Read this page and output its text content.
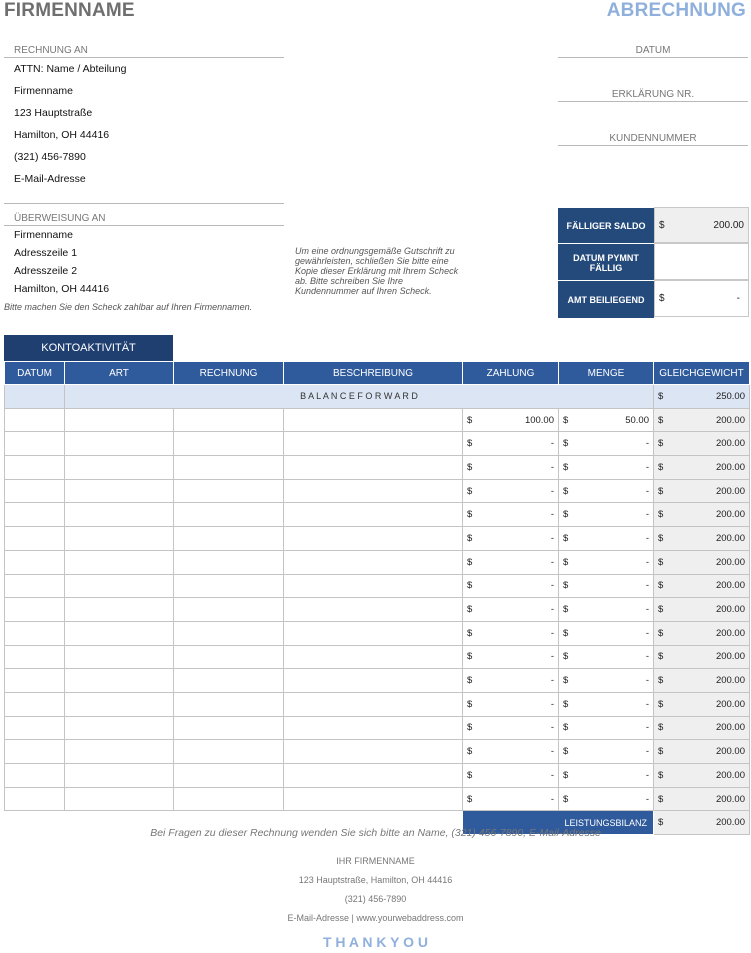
FIRMENNAME	ABRECHNUNG
RECHNUNG AN
ATTN: Name / Abteilung
Firmenname
123 Hauptstraße
Hamilton, OH 44416
(321) 456-7890
E-Mail-Adresse
DATUM
ERKLÄRUNG NR.
KUNDENNUMMER
ÜBERWEISUNG AN
Firmenname
Adresszeile 1
Adresszeile 2
Hamilton, OH 44416
Bitte machen Sie den Scheck zahlbar auf Ihren Firmennamen.
Um eine ordnungsgemäße Gutschrift zu gewährleisten, schließen Sie bitte eine Kopie dieser Erklärung mit Ihrem Scheck ab. Bitte schreiben Sie Ihre Kundennummer auf Ihren Scheck.
FÄLLIGER SALDO	$	200.00
DATUM PYMNT FÄLLIG
AMT BEILIEGEND	$	-
KONTOAKTIVITÄT
DATUM	ART	RECHNUNG	BESCHREIBUNG	ZAHLUNG	MENGE	GLEICHGEWICHT
	B A L A N C E F O R W A R D					$ 250.00

				$ 100.00	$ 50.00	$ 200.00

				$ -	$ -	$ 200.00

				$ -	$ -	$ 200.00

				$ -	$ -	$ 200.00

				$ -	$ -	$ 200.00

				$ -	$ -	$ 200.00

				$ -	$ -	$ 200.00

				$ -	$ -	$ 200.00

				$ -	$ -	$ 200.00

				$ -	$ -	$ 200.00

				$ -	$ -	$ 200.00

				$ -	$ -	$ 200.00

				$ -	$ -	$ 200.00

				$ -	$ -	$ 200.00

				$ -	$ -	$ 200.00

				$ -	$ -	$ 200.00

				$ -	$ -	$ 200.00

				LEISTUNGSBILANZ		$ 200.00
Bei Fragen zu dieser Rechnung wenden Sie sich bitte an Name, (321) 456-7890, E-Mail-Adresse
IHR FIRMENNAME
123 Hauptstraße, Hamilton, OH 44416
(321) 456-7890
E-Mail-Adresse | www.yourwebaddress.com
T H A N K Y O U
